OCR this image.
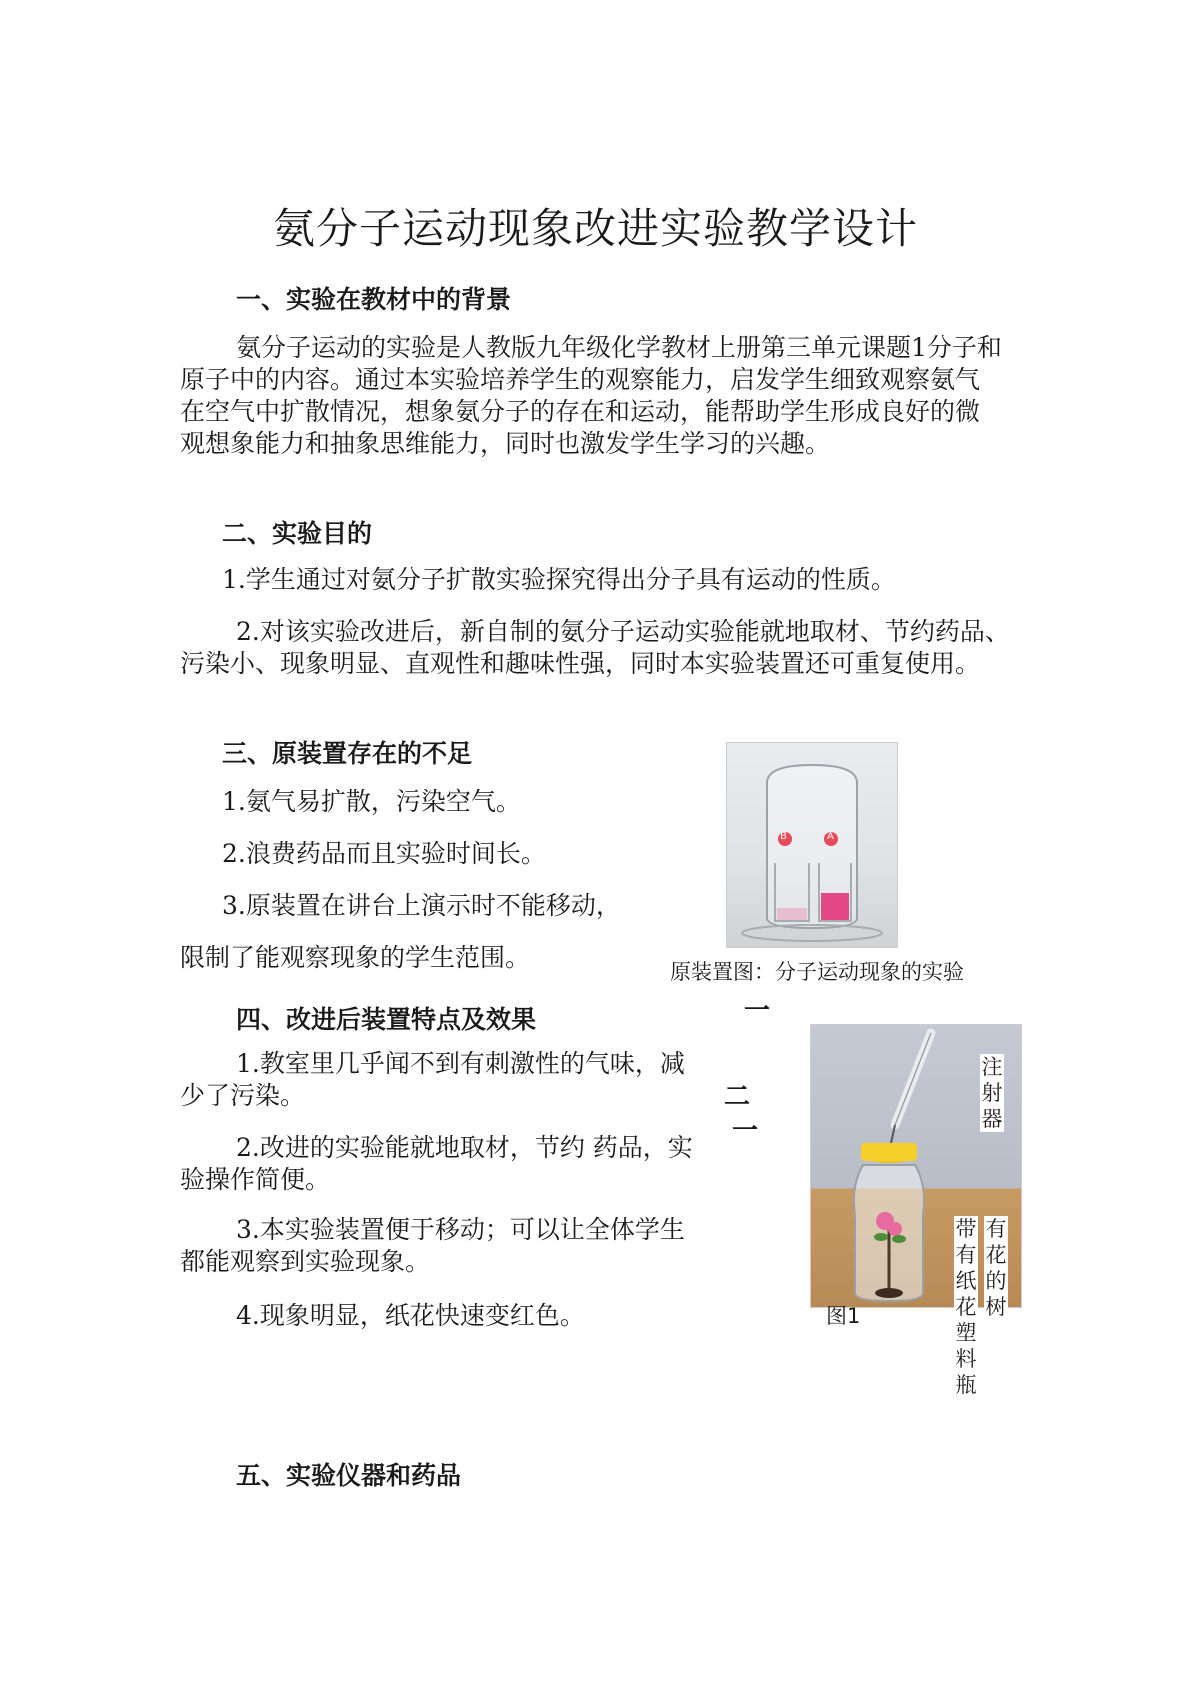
氨分子运动现象改进实验教学设计
一、实验在教材中的背景
氨分子运动的实验是人教版九年级化学教材上册第三单元课题1分子和原子中的内容。通过本实验培养学生的观察能力，启发学生细致观察氨气在空气中扩散情况，想象氨分子的存在和运动，能帮助学生形成良好的微观想象能力和抽象思维能力，同时也激发学生学习的兴趣。
二、实验目的
1.学生通过对氨分子扩散实验探究得出分子具有运动的性质。
2.对该实验改进后，新自制的氨分子运动实验能就地取材、节约药品、污染小、现象明显、直观性和趣味性强，同时本实验装置还可重复使用。
三、原装置存在的不足
1.氨气易扩散，污染空气。
2.浪费药品而且实验时间长。
3.原装置在讲台上演示时不能移动，
限制了能观察现象的学生范围。
B	A
原装置图：分子运动现象的实验
四、改进后装置特点及效果
1.教室里几乎闻不到有刺激性的气味，减少了污染。
2.改进的实验能就地取材，节约 药品，实验操作简便。
3.本实验装置便于移动；可以让全体学生都能观察到实验现象。
4.现象明显，纸花快速变红色。
一
二
一
图1
注射器
带有纸花塑料瓶
有花的树
五、实验仪器和药品
